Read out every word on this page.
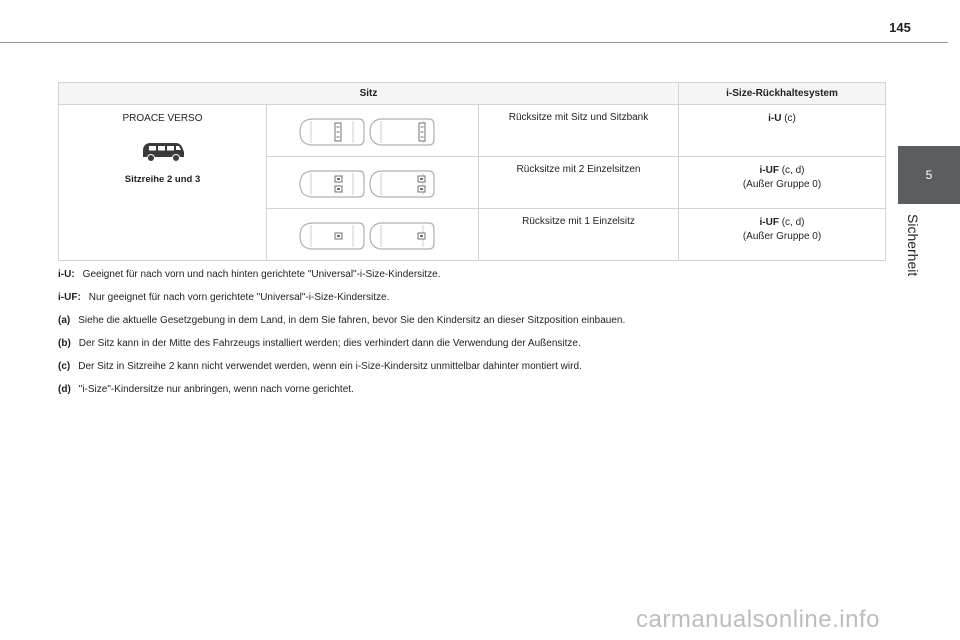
145
5
Sicherheit
Sitz			i-Size-Rückhaltesystem

PROACE VERSO
Sitzreihe 2 und 3		Rücksitze mit Sitz und Sitzbank	i-U (c)

Rücksitze mit 2 Einzelsitzen	i-UF (c, d)
(Außer Gruppe 0)

Rücksitze mit 1 Einzelsitz	i-UF (c, d)
(Außer Gruppe 0)
i-U: Geeignet für nach vorn und nach hinten gerichtete "Universal"-i-Size-Kindersitze.
i-UF: Nur geeignet für nach vorn gerichtete "Universal"-i-Size-Kindersitze.
(a) Siehe die aktuelle Gesetzgebung in dem Land, in dem Sie fahren, bevor Sie den Kindersitz an dieser Sitzposition einbauen.
(b) Der Sitz kann in der Mitte des Fahrzeugs installiert werden; dies verhindert dann die Verwendung der Außensitze.
(c) Der Sitz in Sitzreihe 2 kann nicht verwendet werden, wenn ein i-Size-Kindersitz unmittelbar dahinter montiert wird.
(d) "i-Size"-Kindersitze nur anbringen, wenn nach vorne gerichtet.
carmanualsonline.info
